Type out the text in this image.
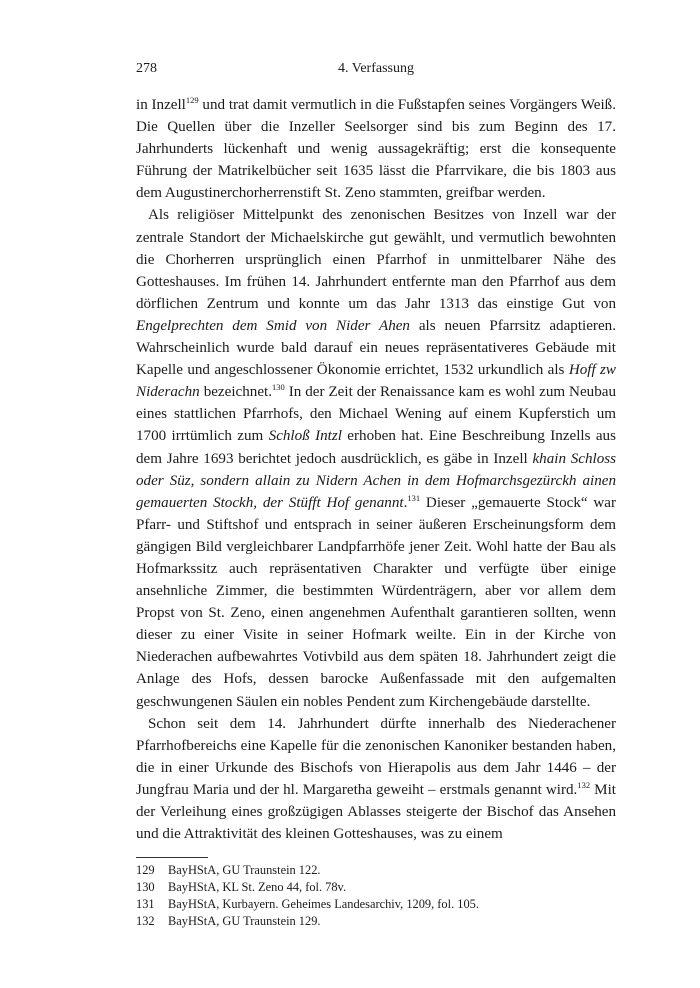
278	4. Verfassung

in Inzell$^{129}$ und trat damit vermutlich in die Fußstapfen seines Vorgängers Weiß. Die Quellen über die Inzeller Seelsorger sind bis zum Beginn des 17. Jahrhunderts lückenhaft und wenig aussagekräftig; erst die konsequente Führung der Matrikelbücher seit 1635 lässt die Pfarrvikare, die bis 1803 aus dem Augustinerchorherrenstift St. Zeno stammten, greifbar werden.

Als religiöser Mittelpunkt des zenonischen Besitzes von Inzell war der zentrale Standort der Michaelskirche gut gewählt, und vermutlich bewohnten die Chorherren ursprünglich einen Pfarrhof in unmittelbarer Nähe des Gotteshauses. Im frühen 14. Jahrhundert entfernte man den Pfarrhof aus dem dörflichen Zentrum und konnte um das Jahr 1313 das einstige Gut von Engelprechten dem Smid von Nider Ahen als neuen Pfarrsitz adaptieren. Wahrscheinlich wurde bald darauf ein neues repräsentativeres Gebäude mit Kapelle und angeschlossener Ökonomie errichtet, 1532 urkundlich als Hoff zw Niderachn bezeichnet.$^{130}$ In der Zeit der Renaissance kam es wohl zum Neubau eines stattlichen Pfarrhofs, den Michael Wening auf einem Kupferstich um 1700 irrtümlich zum Schloß Intzl erhoben hat. Eine Beschreibung Inzells aus dem Jahre 1693 berichtet jedoch ausdrücklich, es gäbe in Inzell khain Schloss oder Süz, sondern allain zu Nidern Achen in dem Hofmarchsgezürckh ainen gemauerten Stockh, der Stüfft Hof genannt.$^{131}$ Dieser „gemauerte Stock“ war Pfarr- und Stiftshof und entsprach in seiner äußeren Erscheinungsform dem gängigen Bild vergleichbarer Landpfarrhöfe jener Zeit. Wohl hatte der Bau als Hofmarkssitz auch repräsentativen Charakter und verfügte über einige ansehnliche Zimmer, die bestimmten Würdenträgern, aber vor allem dem Propst von St. Zeno, einen angenehmen Aufenthalt garantieren sollten, wenn dieser zu einer Visite in seiner Hofmark weilte. Ein in der Kirche von Niederachen aufbewahrtes Votivbild aus dem späten 18. Jahrhundert zeigt die Anlage des Hofs, dessen barocke Außenfassade mit den aufgemalten geschwungenen Säulen ein nobles Pendent zum Kirchengebäude darstellte.

Schon seit dem 14. Jahrhundert dürfte innerhalb des Niederachener Pfarrhofbereichs eine Kapelle für die zenonischen Kanoniker bestanden haben, die in einer Urkunde des Bischofs von Hierapolis aus dem Jahr 1446 – der Jungfrau Maria und der hl. Margaretha geweiht – erstmals genannt wird.$^{132}$ Mit der Verleihung eines großzügigen Ablasses steigerte der Bischof das Ansehen und die Attraktivität des kleinen Gotteshauses, was zu einem

129	BayHStA, GU Traunstein 122.
130	BayHStA, KL St. Zeno 44, fol. 78v.
131	BayHStA, Kurbayern. Geheimes Landesarchiv, 1209, fol. 105.
132	BayHStA, GU Traunstein 129.
